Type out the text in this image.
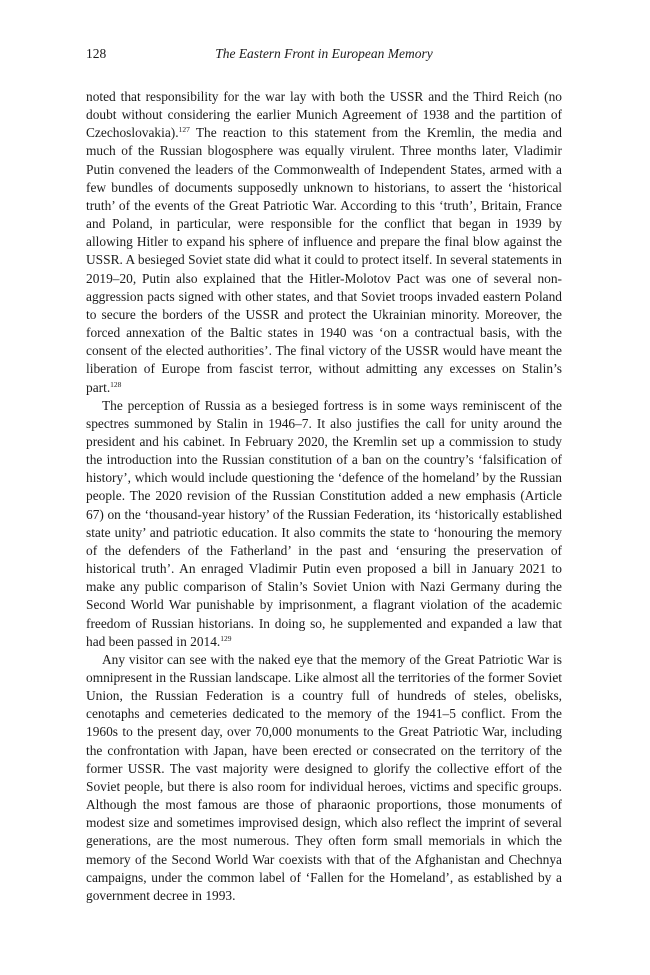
128	The Eastern Front in European Memory

noted that responsibility for the war lay with both the USSR and the Third Reich (no doubt without considering the earlier Munich Agreement of 1938 and the partition of Czechoslovakia).$^{127}$ The reaction to this statement from the Kremlin, the media and much of the Russian blogosphere was equally virulent. Three months later, Vladimir Putin convened the leaders of the Commonwealth of Independent States, armed with a few bundles of documents supposedly unknown to historians, to assert the ‘historical truth’ of the events of the Great Patriotic War. According to this ‘truth’, Britain, France and Poland, in particular, were responsible for the conflict that began in 1939 by allowing Hitler to expand his sphere of influence and prepare the final blow against the USSR. A besieged Soviet state did what it could to protect itself. In several statements in 2019–20, Putin also explained that the Hitler-Molotov Pact was one of several non-aggression pacts signed with other states, and that Soviet troops invaded eastern Poland to secure the borders of the USSR and protect the Ukrainian minority. Moreover, the forced annexation of the Baltic states in 1940 was ‘on a contractual basis, with the consent of the elected authorities’. The final victory of the USSR would have meant the liberation of Europe from fascist terror, without admitting any excesses on Stalin’s part.$^{128}$

The perception of Russia as a besieged fortress is in some ways reminiscent of the spectres summoned by Stalin in 1946–7. It also justifies the call for unity around the president and his cabinet. In February 2020, the Kremlin set up a commission to study the introduction into the Russian constitution of a ban on the country’s ‘falsification of history’, which would include questioning the ‘defence of the homeland’ by the Russian people. The 2020 revision of the Russian Constitution added a new emphasis (Article 67) on the ‘thousand-year history’ of the Russian Federation, its ‘historically established state unity’ and patriotic education. It also commits the state to ‘honouring the memory of the defenders of the Fatherland’ in the past and ‘ensuring the preservation of historical truth’. An enraged Vladimir Putin even proposed a bill in January 2021 to make any public comparison of Stalin’s Soviet Union with Nazi Germany during the Second World War punishable by imprisonment, a flagrant violation of the academic freedom of Russian historians. In doing so, he supplemented and expanded a law that had been passed in 2014.$^{129}$

Any visitor can see with the naked eye that the memory of the Great Patriotic War is omnipresent in the Russian landscape. Like almost all the territories of the former Soviet Union, the Russian Federation is a country full of hundreds of steles, obelisks, cenotaphs and cemeteries dedicated to the memory of the 1941–5 conflict. From the 1960s to the present day, over 70,000 monuments to the Great Patriotic War, including the confrontation with Japan, have been erected or consecrated on the territory of the former USSR. The vast majority were designed to glorify the collective effort of the Soviet people, but there is also room for individual heroes, victims and specific groups. Although the most famous are those of pharaonic proportions, those monuments of modest size and sometimes improvised design, which also reflect the imprint of several generations, are the most numerous. They often form small memorials in which the memory of the Second World War coexists with that of the Afghanistan and Chechnya campaigns, under the common label of ‘Fallen for the Homeland’, as established by a government decree in 1993.
